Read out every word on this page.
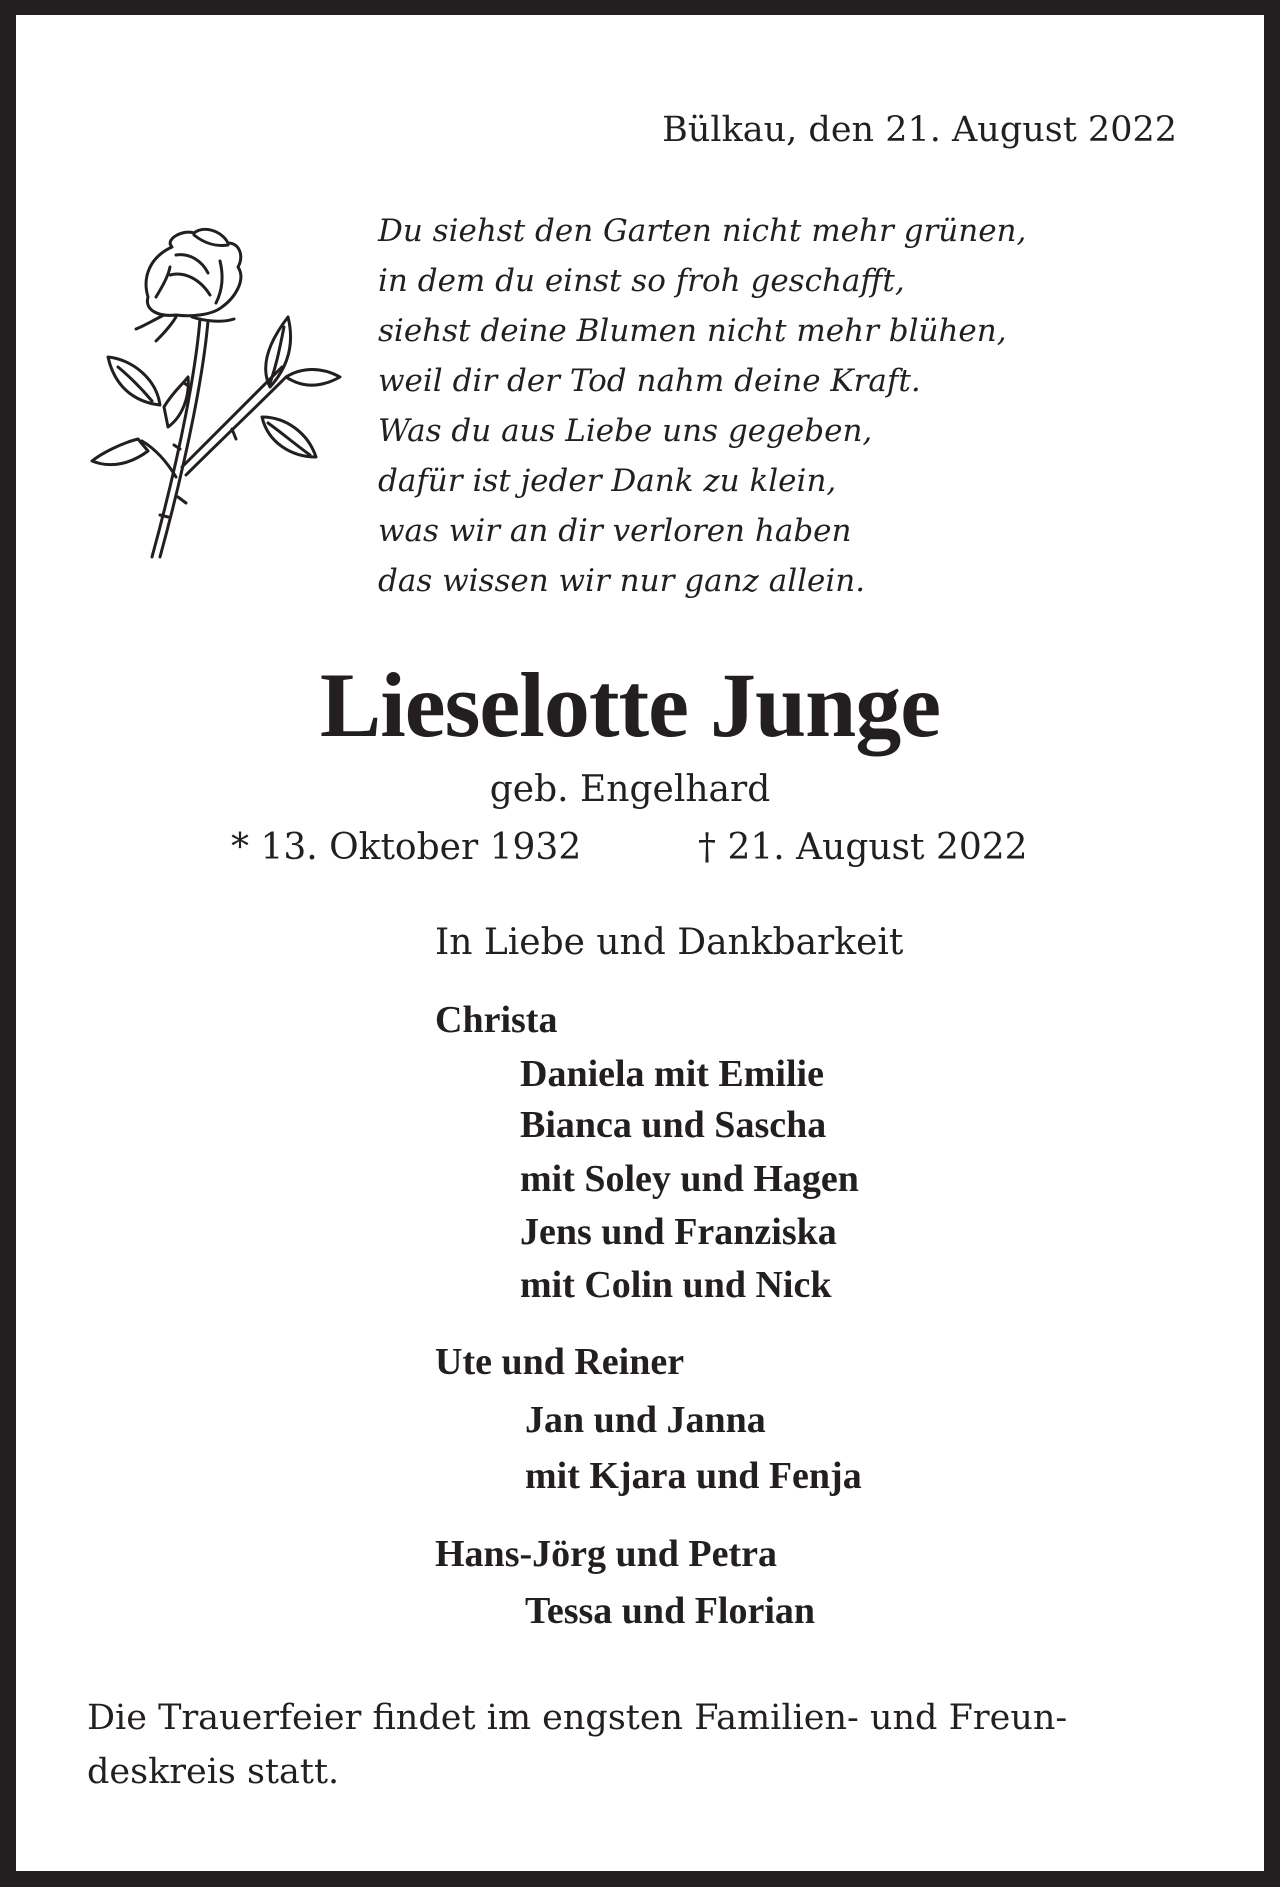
Bülkau, den 21. August 2022
Du siehst den Garten nicht mehr grünen,
in dem du einst so froh geschafft,
siehst deine Blumen nicht mehr blühen,
weil dir der Tod nahm deine Kraft.
Was du aus Liebe uns gegeben,
dafür ist jeder Dank zu klein,
was wir an dir verloren haben
das wissen wir nur ganz allein.
Lieselotte Junge
geb. Engelhard
* 13. Oktober 1932	† 21. August 2022
In Liebe und Dankbarkeit
Christa
Daniela mit Emilie
Bianca und Sascha
mit Soley und Hagen
Jens und Franziska
mit Colin und Nick
Ute und Reiner
Jan und Janna
mit Kjara und Fenja
Hans-Jörg und Petra
Tessa und Florian
Die Trauerfeier findet im engsten Familien- und Freun-
deskreis statt.
